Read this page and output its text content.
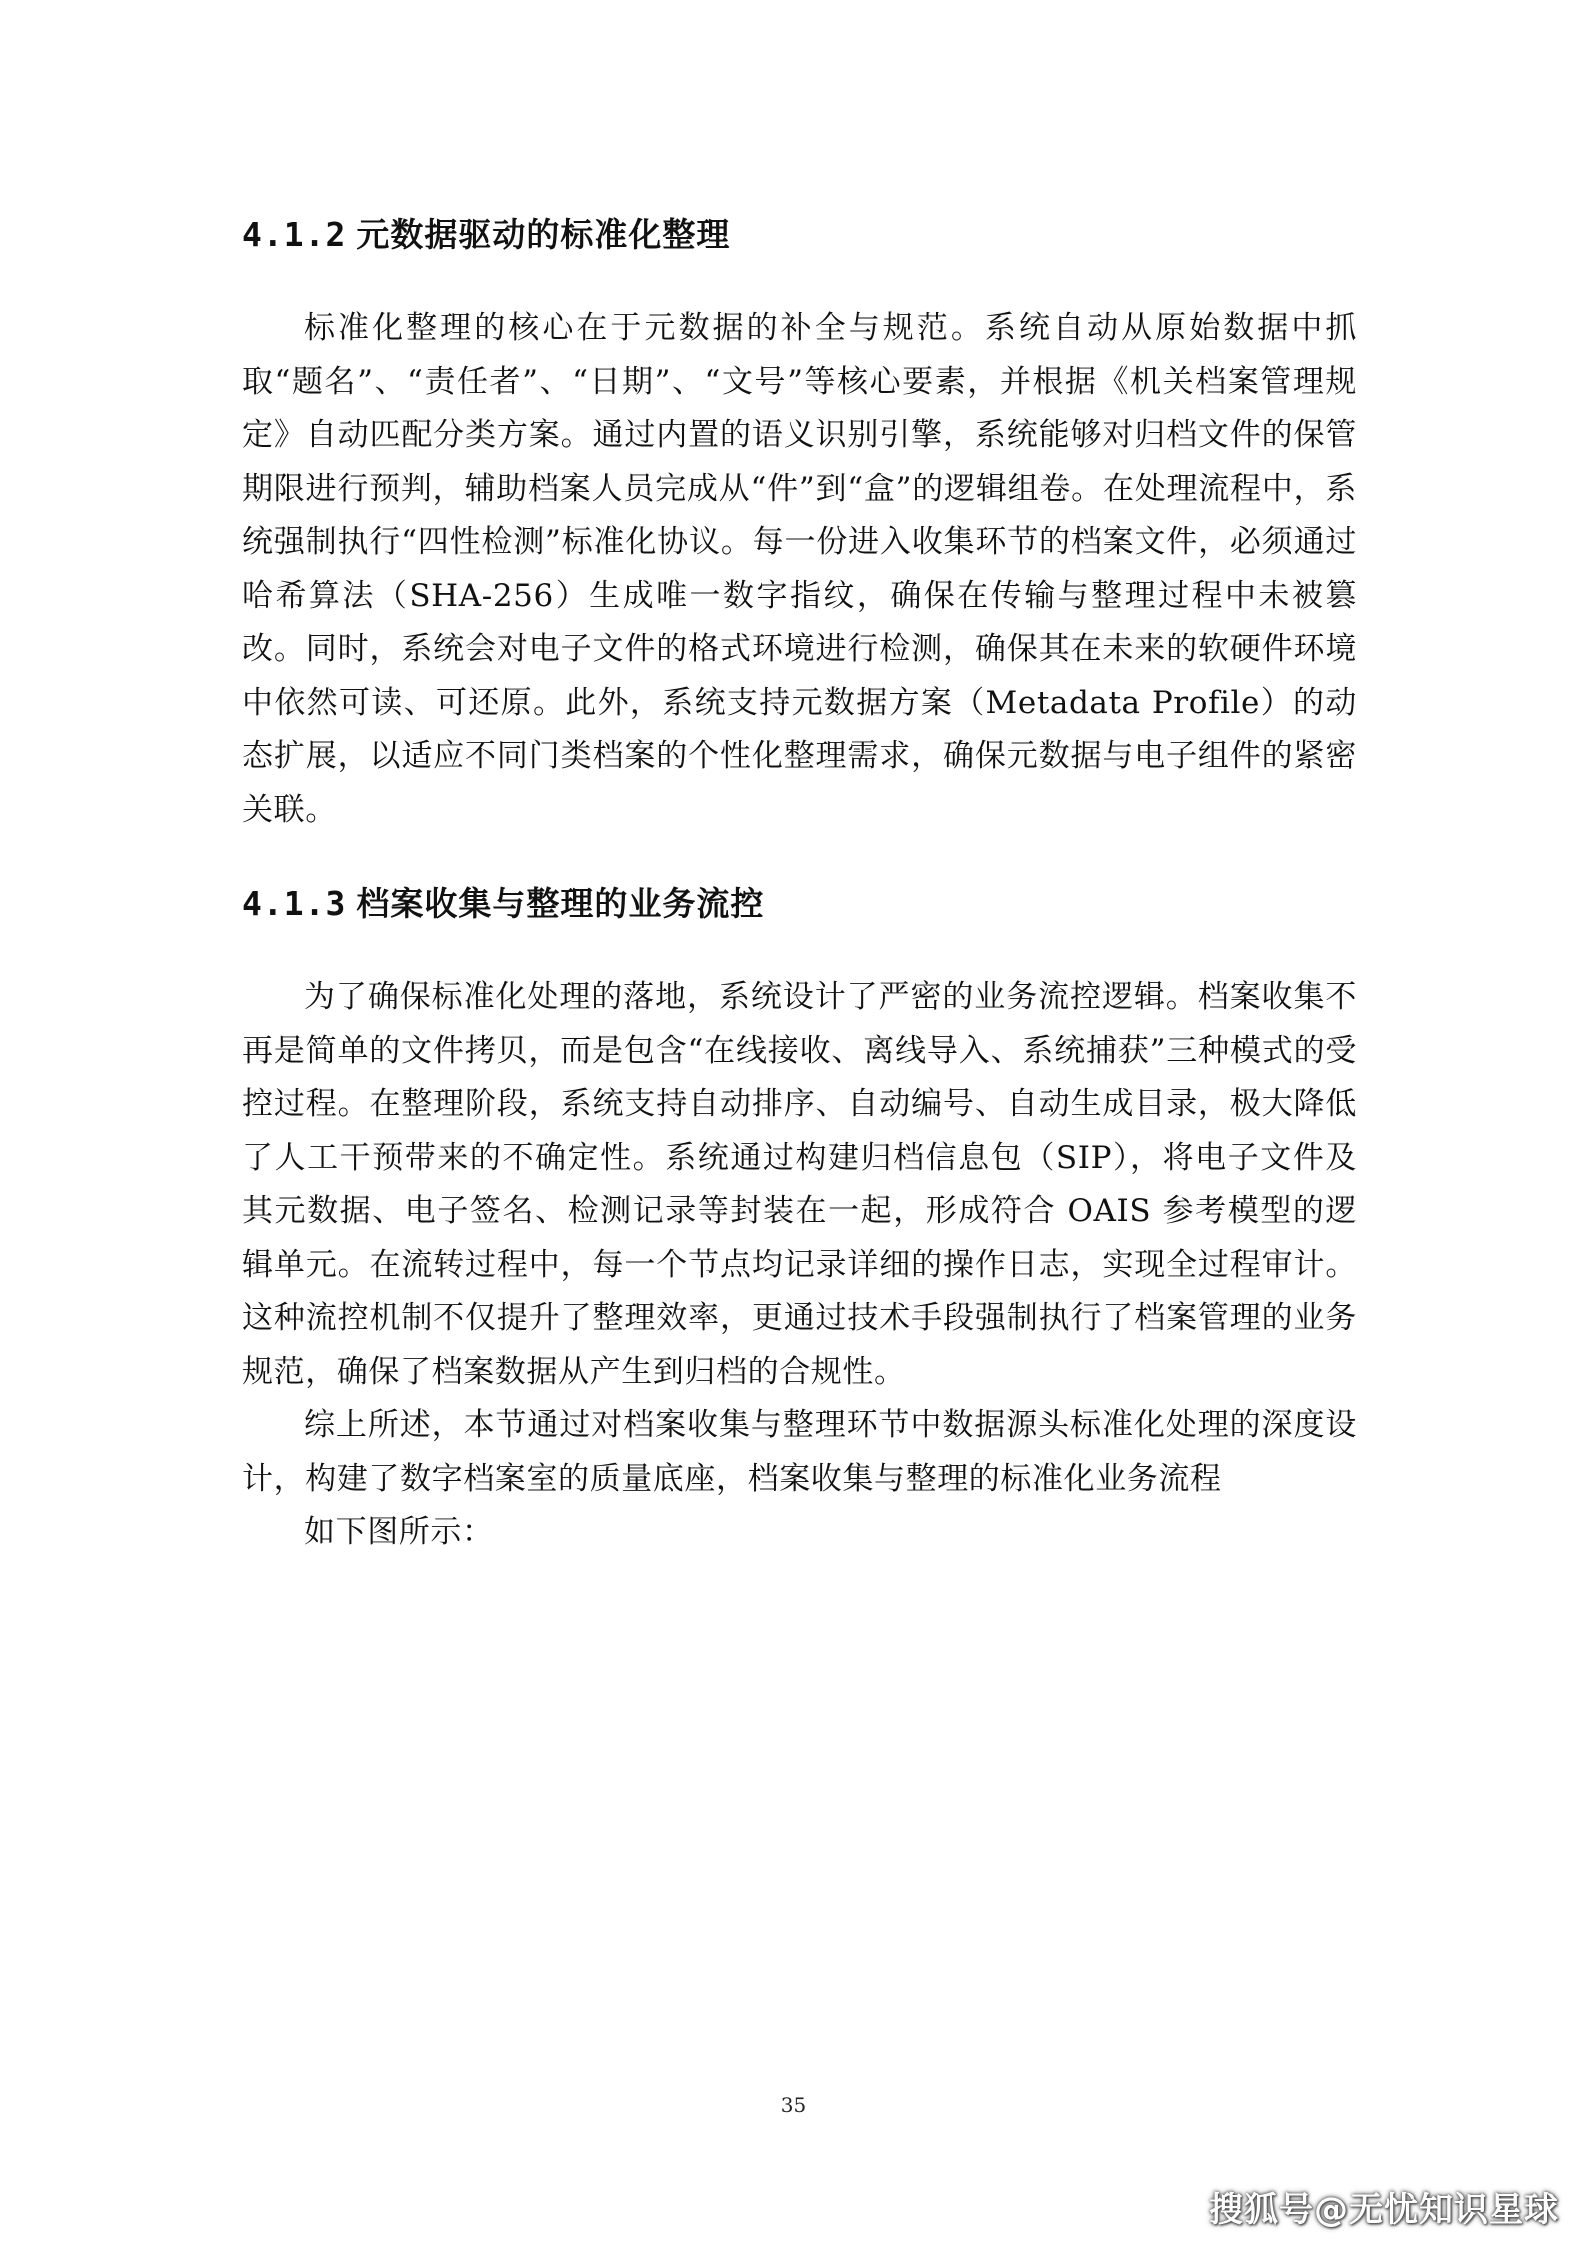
4.1.2 元数据驱动的标准化整理

标准化整理的核心在于元数据的补全与规范。系统自动从原始数据中抓取“题名”、“责任者”、“日期”、“文号”等核心要素，并根据《机关档案管理规定》自动匹配分类方案。通过内置的语义识别引擎，系统能够对归档文件的保管期限进行预判，辅助档案人员完成从“件”到“盒”的逻辑组卷。在处理流程中，系统强制执行“四性检测”标准化协议。每一份进入收集环节的档案文件，必须通过哈希算法（SHA-256）生成唯一数字指纹，确保在传输与整理过程中未被篡改。同时，系统会对电子文件的格式环境进行检测，确保其在未来的软硬件环境中依然可读、可还原。此外，系统支持元数据方案（Metadata Profile）的动态扩展，以适应不同门类档案的个性化整理需求，确保元数据与电子组件的紧密关联。

4.1.3 档案收集与整理的业务流控

为了确保标准化处理的落地，系统设计了严密的业务流控逻辑。档案收集不再是简单的文件拷贝，而是包含“在线接收、离线导入、系统捕获”三种模式的受控过程。在整理阶段，系统支持自动排序、自动编号、自动生成目录，极大降低了人工干预带来的不确定性。系统通过构建归档信息包（SIP），将电子文件及其元数据、电子签名、检测记录等封装在一起，形成符合 OAIS 参考模型的逻辑单元。在流转过程中，每一个节点均记录详细的操作日志，实现全过程审计。这种流控机制不仅提升了整理效率，更通过技术手段强制执行了档案管理的业务规范，确保了档案数据从产生到归档的合规性。

综上所述，本节通过对档案收集与整理环节中数据源头标准化处理的深度设计，构建了数字档案室的质量底座，档案收集与整理的标准化业务流程

如下图所示：

35
搜狐号@无忧知识星球
